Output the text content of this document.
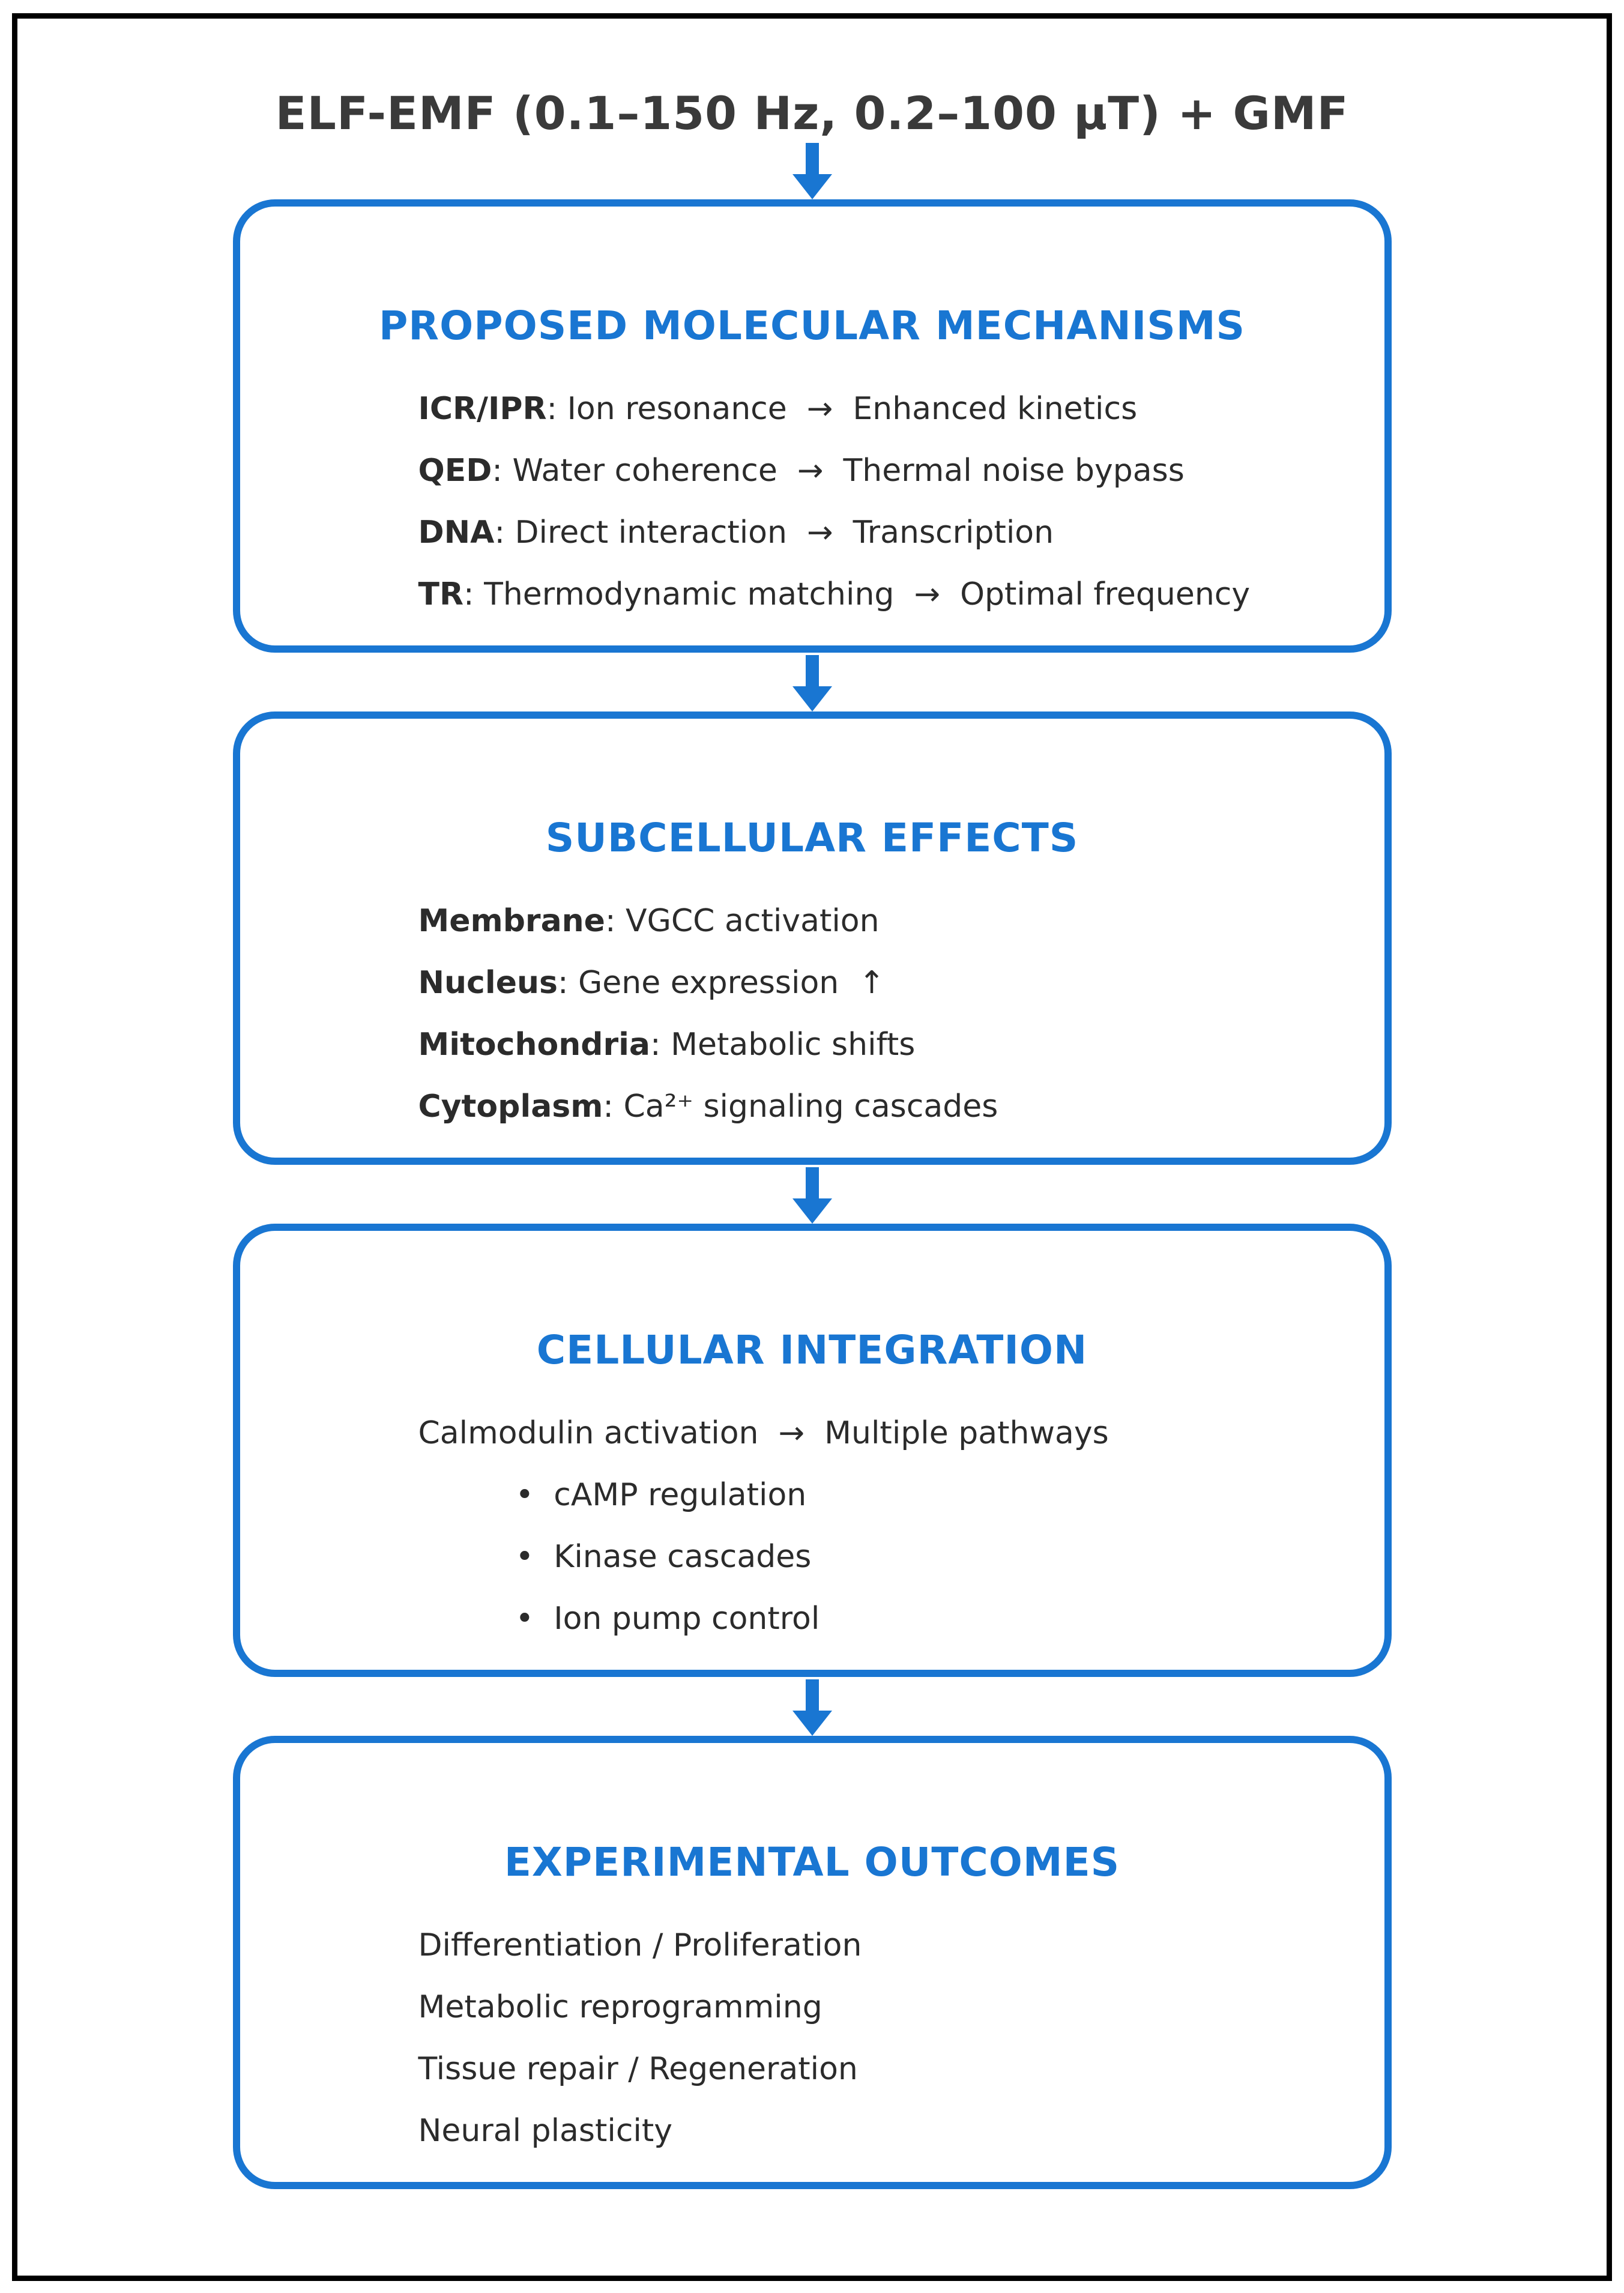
ELF-EMF (0.1–150 Hz, 0.2–100 μT) + GMF
PROPOSED MOLECULAR MECHANISMS
ICR/IPR: Ion resonance  →  Enhanced kinetics
QED: Water coherence  →  Thermal noise bypass
DNA: Direct interaction  →  Transcription
TR: Thermodynamic matching  →  Optimal frequency
SUBCELLULAR EFFECTS
Membrane: VGCC activation
Nucleus: Gene expression  ↑
Mitochondria: Metabolic shifts
Cytoplasm: Ca²⁺ signaling cascades
CELLULAR INTEGRATION
Calmodulin activation  →  Multiple pathways
•  cAMP regulation
•  Kinase cascades
•  Ion pump control
EXPERIMENTAL OUTCOMES
Differentiation / Proliferation
Metabolic reprogramming
Tissue repair / Regeneration
Neural plasticity
